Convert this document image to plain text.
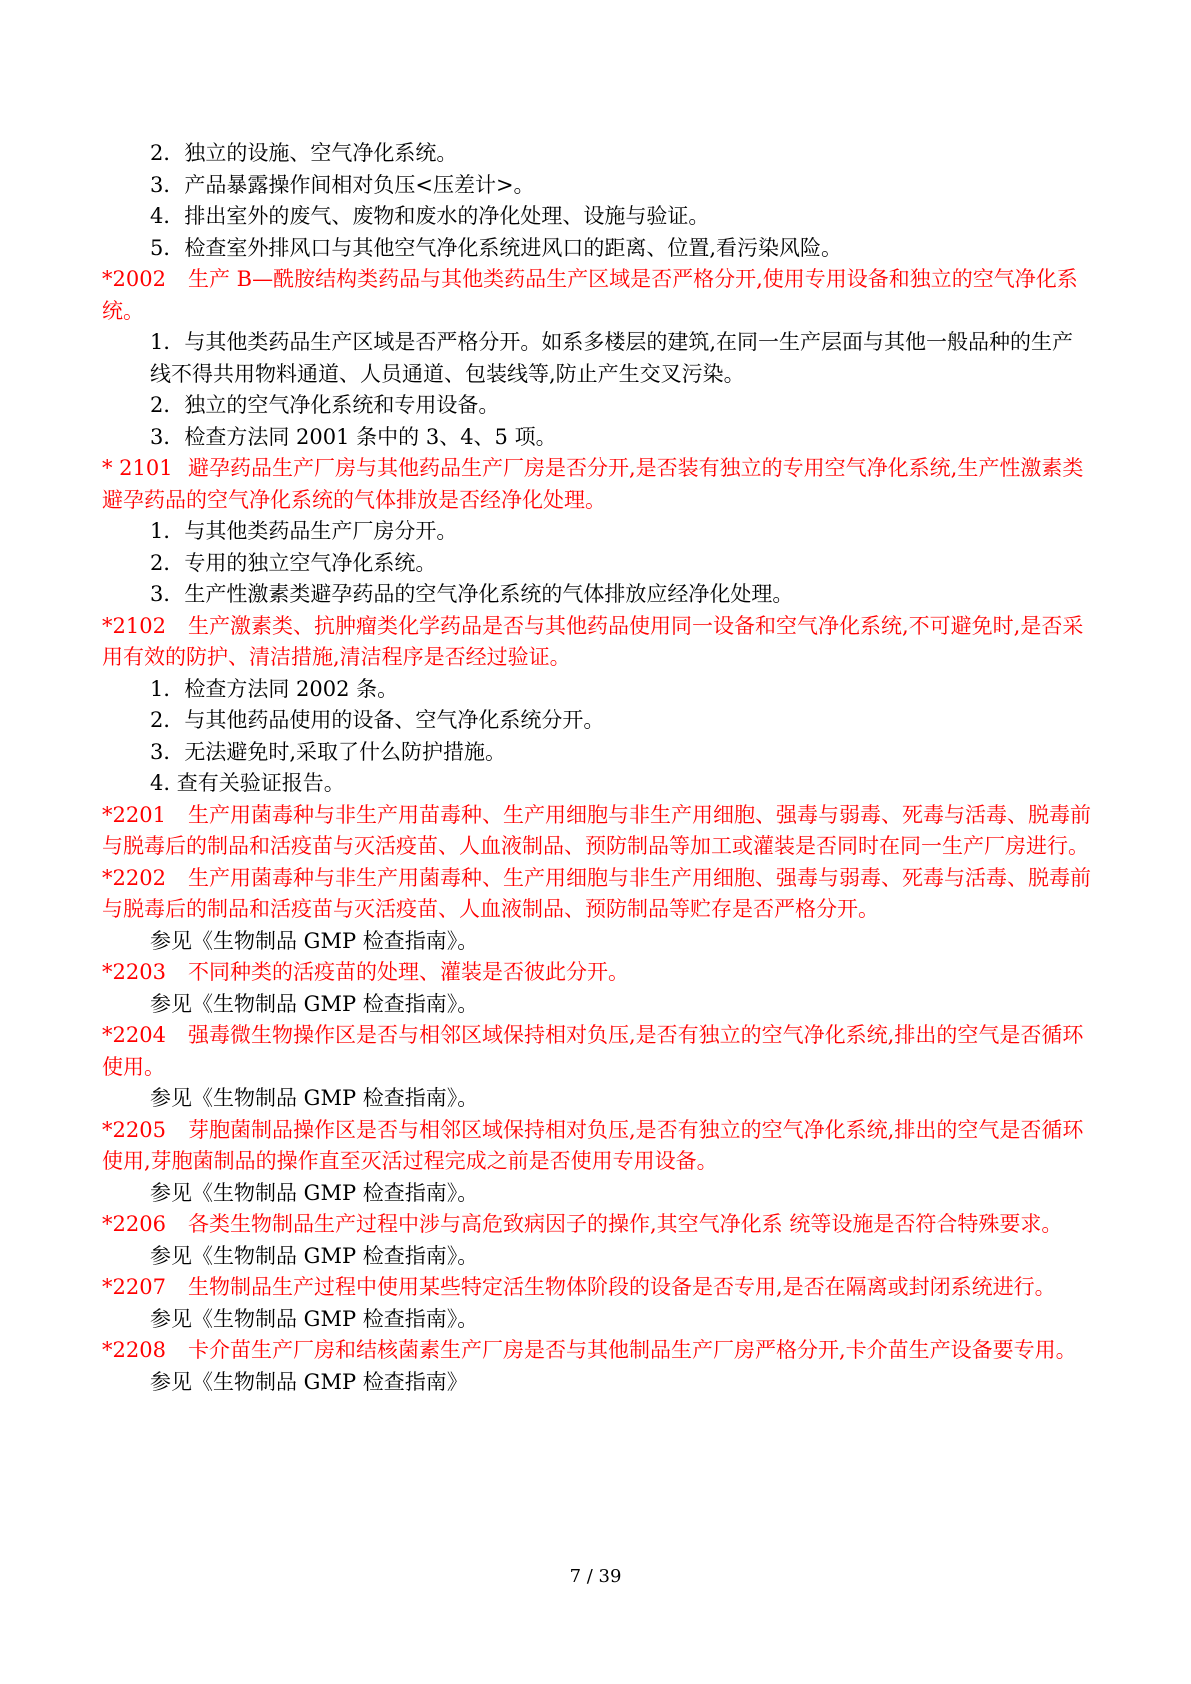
2．独立的设施、空气净化系统。

3．产品暴露操作间相对负压<压差计>。

4．排出室外的废气、废物和废水的净化处理、设施与验证。

5．检查室外排风口与其他空气净化系统进风口的距离、位置,看污染风险。

*2002 生产 B—酰胺结构类药品与其他类药品生产区域是否严格分开,使用专用设备和独立的空气净化系统。

1．与其他类药品生产区域是否严格分开。如系多楼层的建筑,在同一生产层面与其他一般品种的生产线不得共用物料通道、人员通道、包装线等,防止产生交叉污染。

2．独立的空气净化系统和专用设备。

3．检查方法同 2001 条中的 3、4、5 项。

* 2101 避孕药品生产厂房与其他药品生产厂房是否分开,是否装有独立的专用空气净化系统,生产性激素类避孕药品的空气净化系统的气体排放是否经净化处理。

1．与其他类药品生产厂房分开。

2．专用的独立空气净化系统。

3．生产性激素类避孕药品的空气净化系统的气体排放应经净化处理。

*2102 生产激素类、抗肿瘤类化学药品是否与其他药品使用同一设备和空气净化系统,不可避免时,是否采用有效的防护、清洁措施,清洁程序是否经过验证。

1．检查方法同 2002 条。

2．与其他药品使用的设备、空气净化系统分开。

3．无法避免时,采取了什么防护措施。

4. 查有关验证报告。

*2201 生产用菌毒种与非生产用苗毒种、生产用细胞与非生产用细胞、强毒与弱毒、死毒与活毒、脱毒前与脱毒后的制品和活疫苗与灭活疫苗、人血液制品、预防制品等加工或灌装是否同时在同一生产厂房进行。

*2202 生产用菌毒种与非生产用菌毒种、生产用细胞与非生产用细胞、强毒与弱毒、死毒与活毒、脱毒前与脱毒后的制品和活疫苗与灭活疫苗、人血液制品、预防制品等贮存是否严格分开。

参见《生物制品 GMP 检查指南》。

*2203 不同种类的活疫苗的处理、灌装是否彼此分开。

参见《生物制品 GMP 检查指南》。

*2204 强毒微生物操作区是否与相邻区域保持相对负压,是否有独立的空气净化系统,排出的空气是否循环使用。

参见《生物制品 GMP 检查指南》。

*2205 芽胞菌制品操作区是否与相邻区域保持相对负压,是否有独立的空气净化系统,排出的空气是否循环使用,芽胞菌制品的操作直至灭活过程完成之前是否使用专用设备。

参见《生物制品 GMP 检查指南》。

*2206 各类生物制品生产过程中涉与高危致病因子的操作,其空气净化系 统等设施是否符合特殊要求。

参见《生物制品 GMP 检查指南》。

*2207 生物制品生产过程中使用某些特定活生物体阶段的设备是否专用,是否在隔离或封闭系统进行。

参见《生物制品 GMP 检查指南》。

*2208 卡介苗生产厂房和结核菌素生产厂房是否与其他制品生产厂房严格分开,卡介苗生产设备要专用。

参见《生物制品 GMP 检查指南》

7 / 39
